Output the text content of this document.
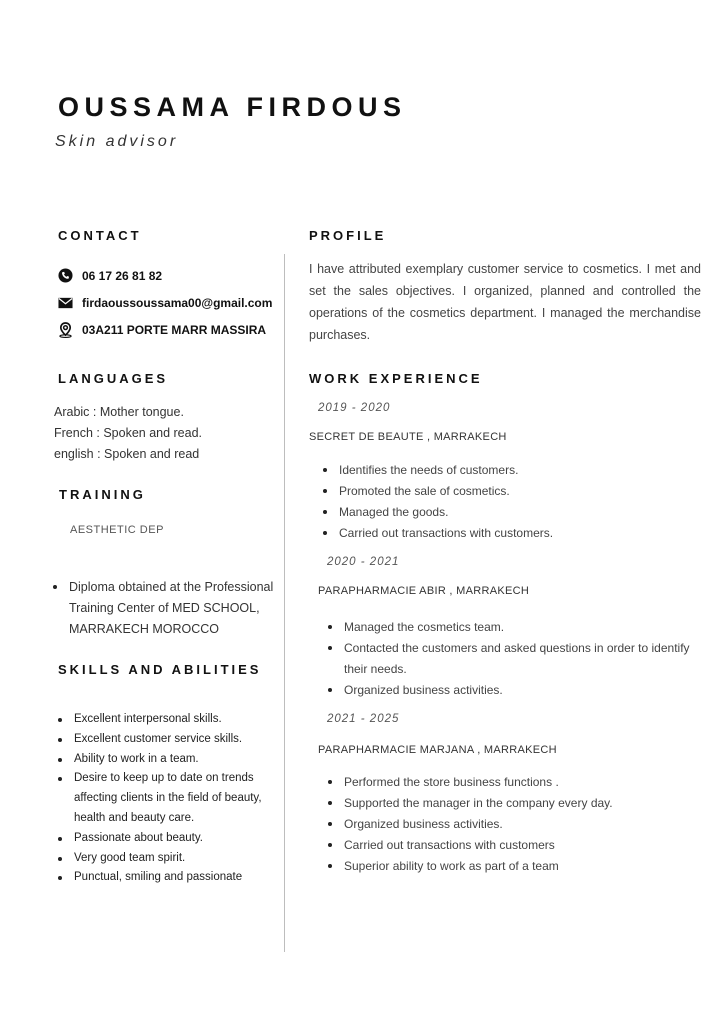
OUSSAMA FIRDOUS
Skin advisor
CONTACT
06 17 26 81 82
firdaoussoussama00@gmail.com
03A211 PORTE MARR MASSIRA
LANGUAGES
Arabic : Mother tongue.
French : Spoken and read.
english : Spoken and read
TRAINING
AESTHETIC DEP
Diploma obtained at the Professional Training Center of MED SCHOOL, MARRAKECH MOROCCO
SKILLS AND ABILITIES
Excellent interpersonal skills.
Excellent customer service skills.
Ability to work in a team.
Desire to keep up to date on trends affecting clients in the field of beauty, health and beauty care.
Passionate about beauty.
Very good team spirit.
Punctual, smiling and passionate
PROFILE
I have attributed exemplary customer service to cosmetics. I met and set the sales objectives. I organized, planned and controlled the operations of the cosmetics department. I managed the merchandise purchases.
WORK EXPERIENCE
2019 - 2020
SECRET DE BEAUTE , MARRAKECH
Identifies the needs of customers.
Promoted the sale of cosmetics.
Managed the goods.
Carried out transactions with customers.
2020 - 2021
PARAPHARMACIE ABIR , MARRAKECH
Managed the cosmetics team.
Contacted the customers and asked questions in order to identify their needs.
Organized business activities.
2021 - 2025
PARAPHARMACIE MARJANA , MARRAKECH
Performed the store business functions .
Supported the manager in the company every day.
Organized business activities.
Carried out transactions with customers
Superior ability to work as part of a team
